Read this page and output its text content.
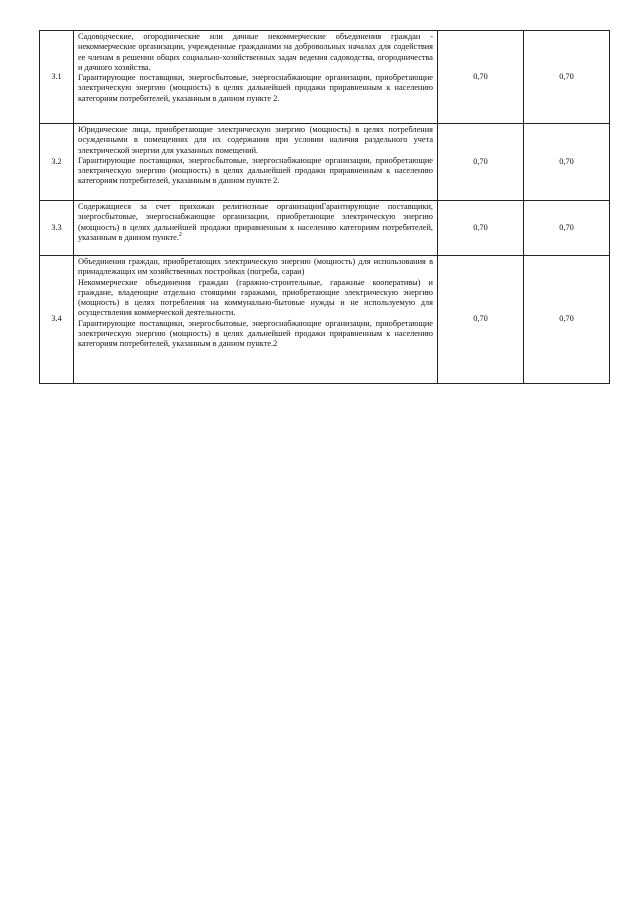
3.1	Садоводческие, огороднические или дачные некоммерческие объединения граждан - некоммерческие организации, учрежденные гражданами на добровольных началах для содействия ее членам в решении общих социально-хозяйственных задач ведения садоводства, огородничества и дачного хозяйства.
Гарантирующие поставщики, энергосбытовые, энергоснабжающие организации, приобретающие электрическую энергию (мощность) в целях дальнейшей продажи приравненным к населению категориям потребителей, указанным в данном пункте 2.	0,70	0,70
3.2	Юридические лица, приобретающие электрическую энергию (мощность) в целях потребления осужденными в помещениях для их содержания при условии наличия раздельного учета электрической энергии для указанных помещений.
Гарантирующие поставщики, энергосбытовые, энергоснабжающие организации, приобретающие электрическую энергию (мощность) в целях дальнейшей продажи приравненным к населению категориям потребителей, указанным в данном пункте 2.	0,70	0,70
3.3	Содержащиеся за счет прихожан религиозные организацииГарантирующие поставщики, энергосбытовые, энергоснабжающие организации, приобретающие электрическую энергию (мощность) в целях дальнейшей продажи приравненным к населению категориям потребителей, указанным в данном пункте.$^2$	0,70	0,70
3.4	Объединения граждан, приобретающих электрическую энергию (мощность) для использования в принадлежащих им хозяйственных постройках (погреба, сараи)
Некоммерческие объединения граждан (гаражно-строительные, гаражные кооперативы) и граждане, владеющие отдельно стоящими гаражами, приобретающие электрическую энергию (мощность) в целях потребления на коммунально-бытовые нужды и не используемую для осуществления коммерческой деятельности.
Гарантирующие поставщики, энергосбытовые, энергоснабжающие организации, приобретающие электрическую энергию (мощность) в целях дальнейшей продажи приравненным к населению категориям потребителей, указанным в данном пункте.2	0,70	0,70
